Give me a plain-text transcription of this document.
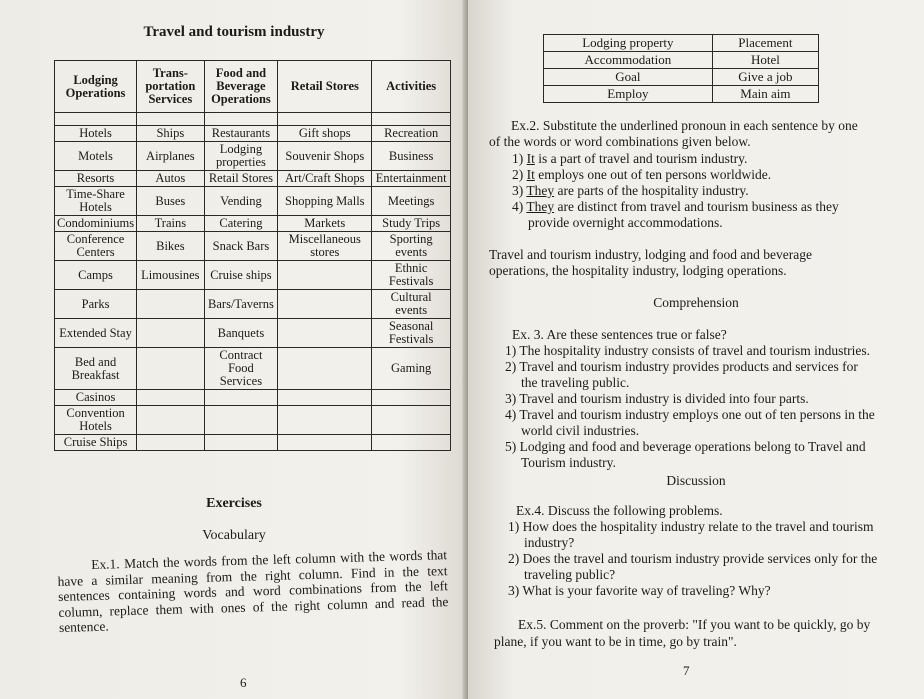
Travel and tourism industry
Lodging Operations	Trans-portation Services	Food and Beverage Operations	Retail Stores	Activities

Hotels	Ships	Restaurants	Gift shops	Recreation
Motels	Airplanes	Lodging properties	Souvenir Shops	Business
Resorts	Autos	Retail Stores	Art/Craft Shops	Entertainment
Time-Share Hotels	Buses	Vending	Shopping Malls	Meetings
Condominiums	Trains	Catering	Markets	Study Trips
Conference Centers	Bikes	Snack Bars	Miscellaneous stores	Sporting events
Camps	Limousines	Cruise ships		Ethnic Festivals
Parks		Bars/Taverns		Cultural events
Extended Stay		Banquets		Seasonal Festivals
Bed and Breakfast		Contract Food Services		Gaming
Casinos				
Convention Hotels				
Cruise Ships				
Exercises
Vocabulary
Ex.1. Match the words from the left column with the words that have a similar meaning from the right column. Find in the text sentences containing words and word combinations from the left column, replace them with ones of the right column and read the sentence.
6
Lodging property	Placement
Accommodation	Hotel
Goal	Give a job
Employ	Main aim
Ex.2. Substitute the underlined pronoun in each sentence by one of the words or word combinations given below.
1) It is a part of travel and tourism industry.
2) It employs one out of ten persons worldwide.
3) They are parts of the hospitality industry.
4) They are distinct from travel and tourism business as they provide overnight accommodations.
Travel and tourism industry, lodging and food and beverage operations, the hospitality industry, lodging operations.
Comprehension
Ex. 3. Are these sentences true or false?
1) The hospitality industry consists of travel and tourism industries.
2) Travel and tourism industry provides products and services for the traveling public.
3) Travel and tourism industry is divided into four parts.
4) Travel and tourism industry employs one out of ten persons in the world civil industries.
5) Lodging and food and beverage operations belong to Travel and Tourism industry.
Discussion
Ex.4. Discuss the following problems.
1) How does the hospitality industry relate to the travel and tourism industry?
2) Does the travel and tourism industry provide services only for the traveling public?
3) What is your favorite way of traveling? Why?
Ex.5. Comment on the proverb: "If you want to be quickly, go by plane, if you want to be in time, go by train".
7
